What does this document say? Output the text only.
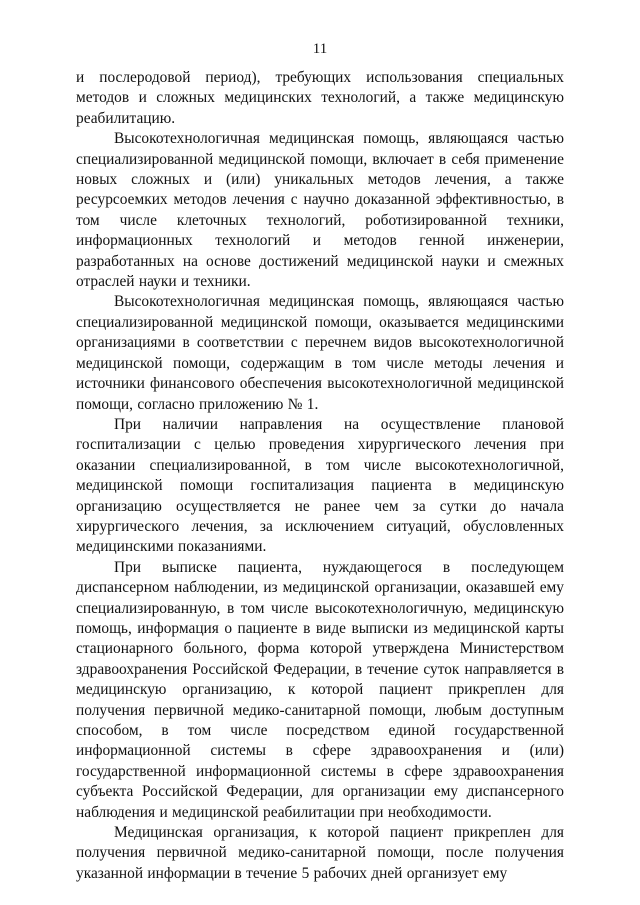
11

и послеродовой период), требующих использования специальных методов и сложных медицинских технологий, а также медицинскую реабилитацию.

Высокотехнологичная медицинская помощь, являющаяся частью специализированной медицинской помощи, включает в себя применение новых сложных и (или) уникальных методов лечения, а также ресурсоемких методов лечения с научно доказанной эффективностью, в том числе клеточных технологий, роботизированной техники, информационных технологий и методов генной инженерии, разработанных на основе достижений медицинской науки и смежных отраслей науки и техники.

Высокотехнологичная медицинская помощь, являющаяся частью специализированной медицинской помощи, оказывается медицинскими организациями в соответствии с перечнем видов высокотехнологичной медицинской помощи, содержащим в том числе методы лечения и источники финансового обеспечения высокотехнологичной медицинской помощи, согласно приложению № 1.

При наличии направления на осуществление плановой госпитализации с целью проведения хирургического лечения при оказании специализированной, в том числе высокотехнологичной, медицинской помощи госпитализация пациента в медицинскую организацию осуществляется не ранее чем за сутки до начала хирургического лечения, за исключением ситуаций, обусловленных медицинскими показаниями.

При выписке пациента, нуждающегося в последующем диспансерном наблюдении, из медицинской организации, оказавшей ему специализированную, в том числе высокотехнологичную, медицинскую помощь, информация о пациенте в виде выписки из медицинской карты стационарного больного, форма которой утверждена Министерством здравоохранения Российской Федерации, в течение суток направляется в медицинскую организацию, к которой пациент прикреплен для получения первичной медико-санитарной помощи, любым доступным способом, в том числе посредством единой государственной информационной системы в сфере здравоохранения и (или) государственной информационной системы в сфере здравоохранения субъекта Российской Федерации, для организации ему диспансерного наблюдения и медицинской реабилитации при необходимости.

Медицинская организация, к которой пациент прикреплен для получения первичной медико-санитарной помощи, после получения указанной информации в течение 5 рабочих дней организует ему
